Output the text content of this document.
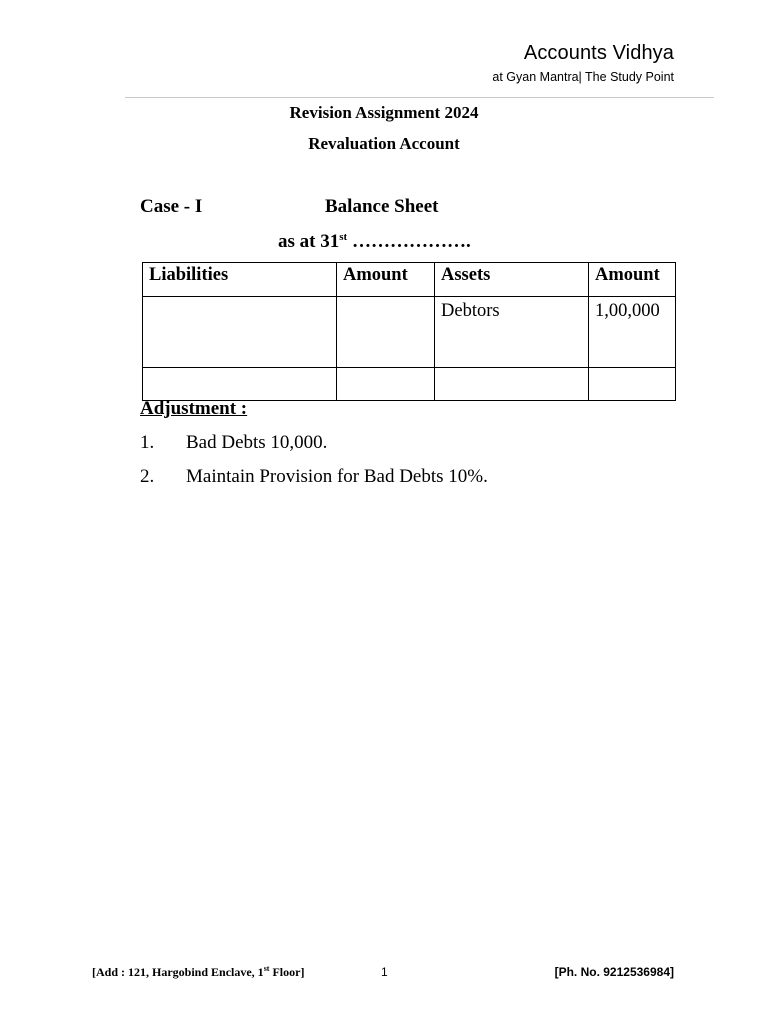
Accounts Vidhya
at Gyan Mantra| The Study Point
Revision Assignment 2024
Revaluation Account
Case - I	Balance Sheet
as at 31st ……………….
Liabilities	Amount	Assets	Amount
		Debtors	1,00,000

Adjustment :
1. Bad Debts 10,000.
2. Maintain Provision for Bad Debts 10%.
[Add : 121, Hargobind Enclave, 1st Floor]	1	[Ph. No. 9212536984]
